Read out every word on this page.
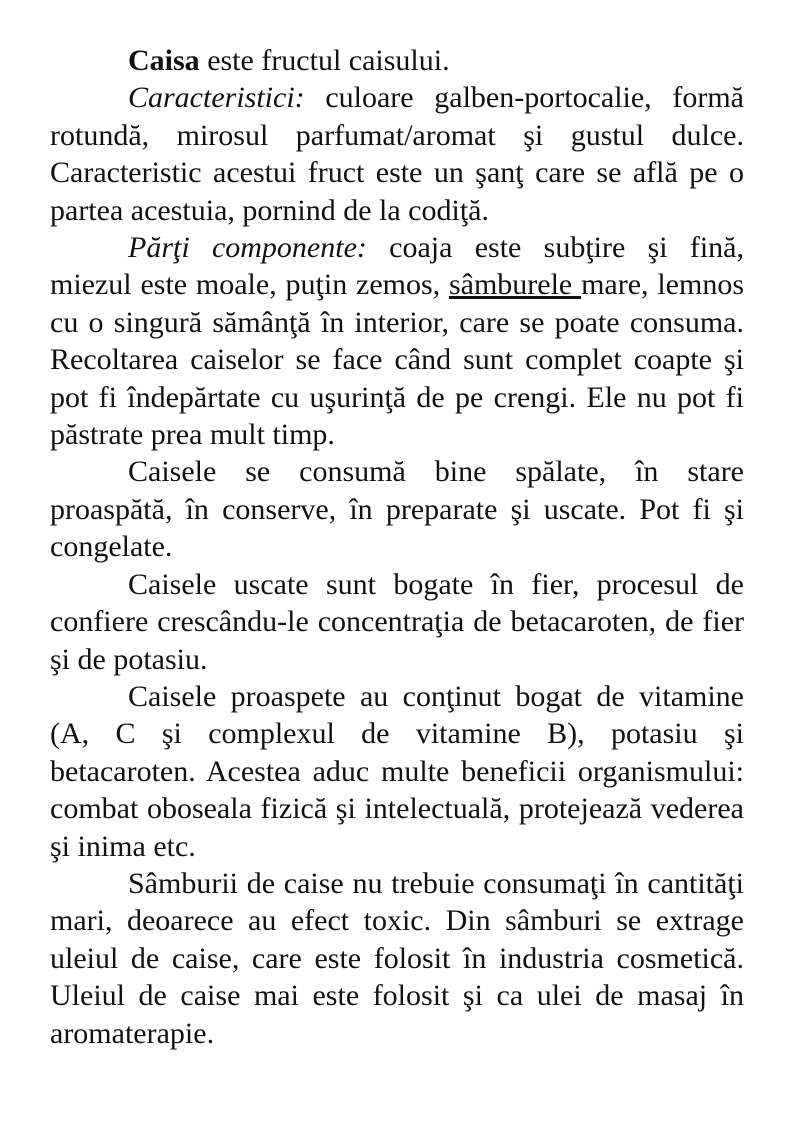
Caisa este fructul caisului.

Caracteristici: culoare galben-portocalie, formă rotundă, mirosul parfumat/aromat şi gustul dulce. Caracteristic acestui fruct este un şanţ care se află pe o partea acestuia, pornind de la codiţă.

Părţi componente: coaja este subţire şi fină, miezul este moale, puţin zemos, sâmburele mare, lemnos cu o singură sămânţă în interior, care se poate consuma. Recoltarea caiselor se face când sunt complet coapte şi pot fi îndepărtate cu uşurinţă de pe crengi. Ele nu pot fi păstrate prea mult timp.

Caisele se consumă bine spălate, în stare proaspătă, în conserve, în preparate şi uscate. Pot fi şi congelate.

Caisele uscate sunt bogate în fier, procesul de confiere crescându-le concentraţia de betacaroten, de fier şi de potasiu.

Caisele proaspete au conţinut bogat de vitamine (A, C şi complexul de vitamine B), potasiu şi betacaroten. Acestea aduc multe beneficii organismului: combat oboseala fizică şi intelectuală, protejează vederea şi inima etc.

Sâmburii de caise nu trebuie consumaţi în cantităţi mari, deoarece au efect toxic. Din sâmburi se extrage uleiul de caise, care este folosit în industria cosmetică. Uleiul de caise mai este folosit şi ca ulei de masaj în aromaterapie.
